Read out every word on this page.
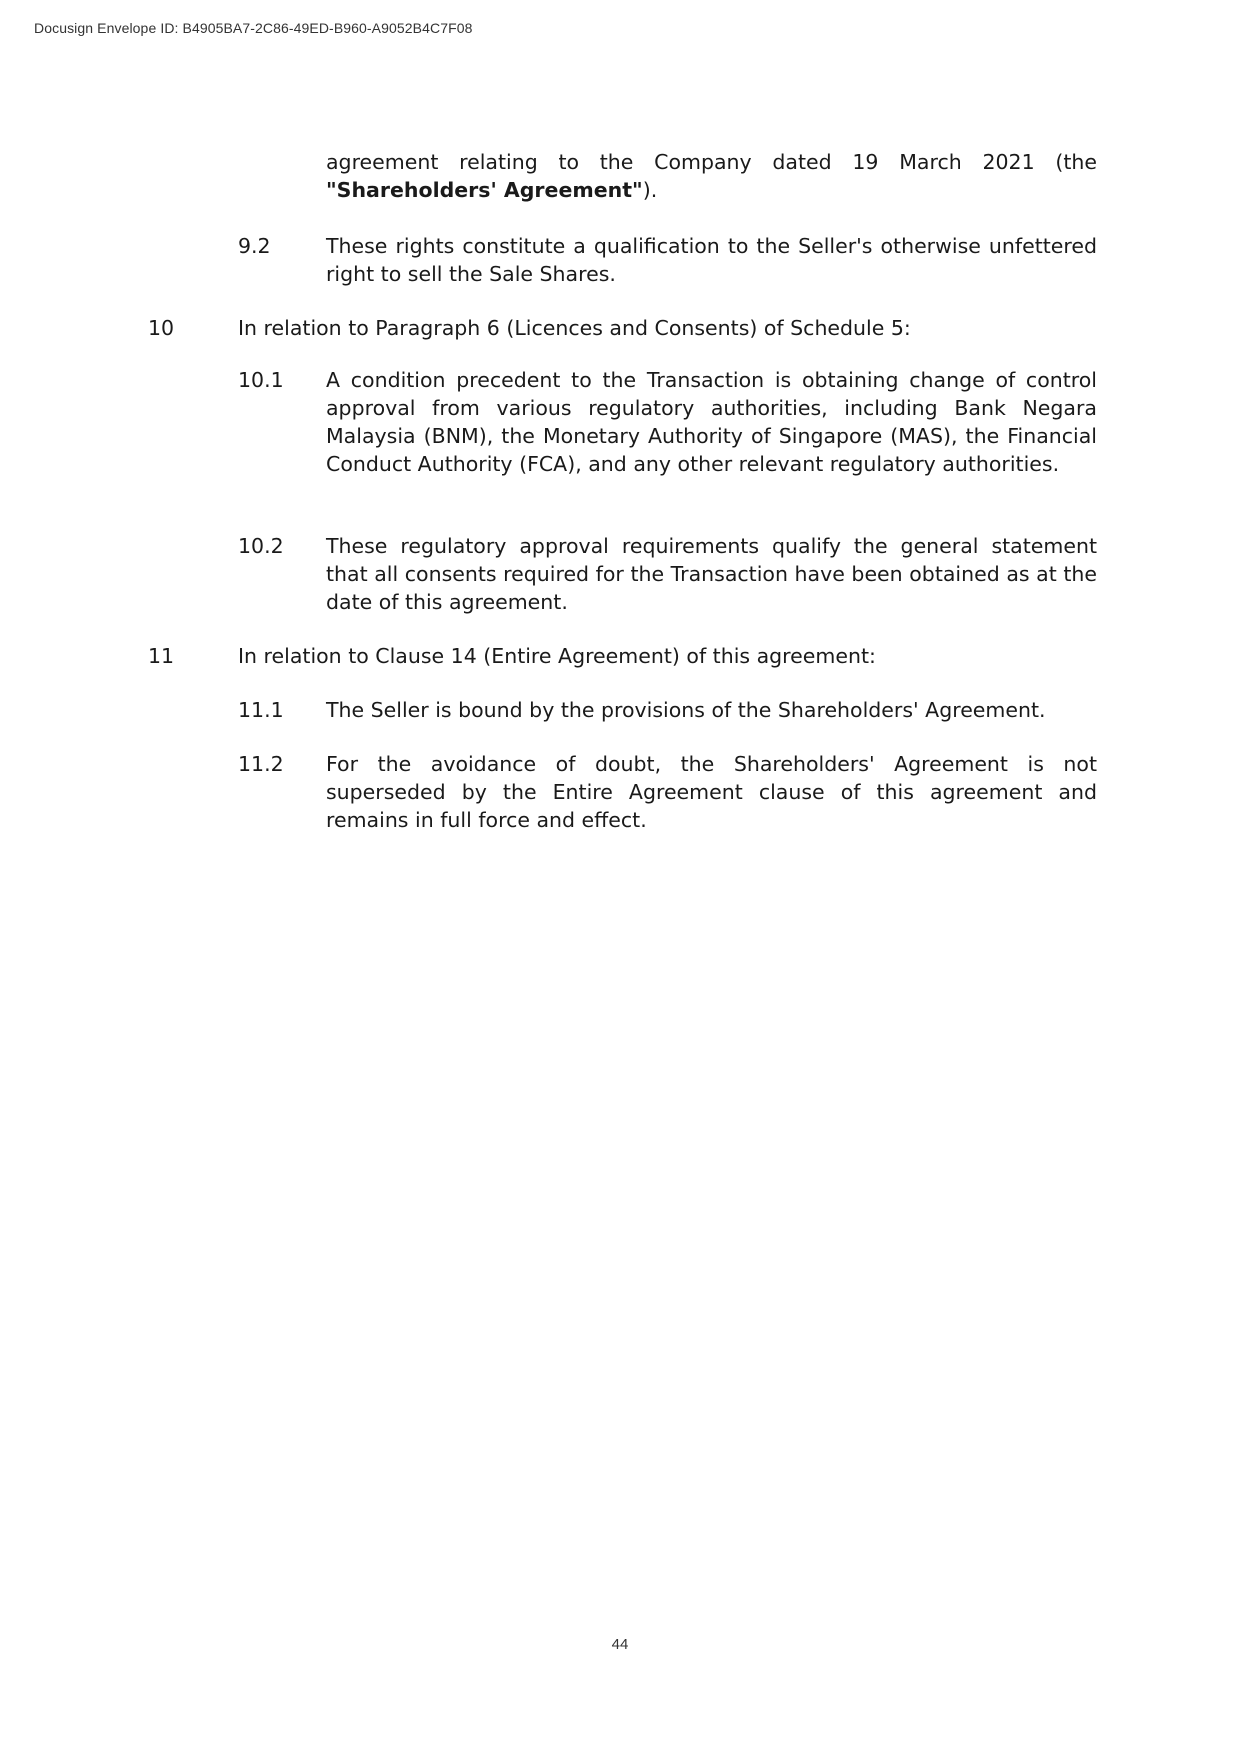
Docusign Envelope ID: B4905BA7-2C86-49ED-B960-A9052B4C7F08
agreement relating to the Company dated 19 March 2021 (the "Shareholders' Agreement").
9.2	These rights constitute a qualification to the Seller's otherwise unfettered right to sell the Sale Shares.
10	In relation to Paragraph 6 (Licences and Consents) of Schedule 5:
10.1 A condition precedent to the Transaction is obtaining change of control approval from various regulatory authorities, including Bank Negara Malaysia (BNM), the Monetary Authority of Singapore (MAS), the Financial Conduct Authority (FCA), and any other relevant regulatory authorities.
10.2 These regulatory approval requirements qualify the general statement that all consents required for the Transaction have been obtained as at the date of this agreement.
11	In relation to Clause 14 (Entire Agreement) of this agreement:
11.1 The Seller is bound by the provisions of the Shareholders' Agreement.
11.2 For the avoidance of doubt, the Shareholders' Agreement is not superseded by the Entire Agreement clause of this agreement and remains in full force and effect.
44
